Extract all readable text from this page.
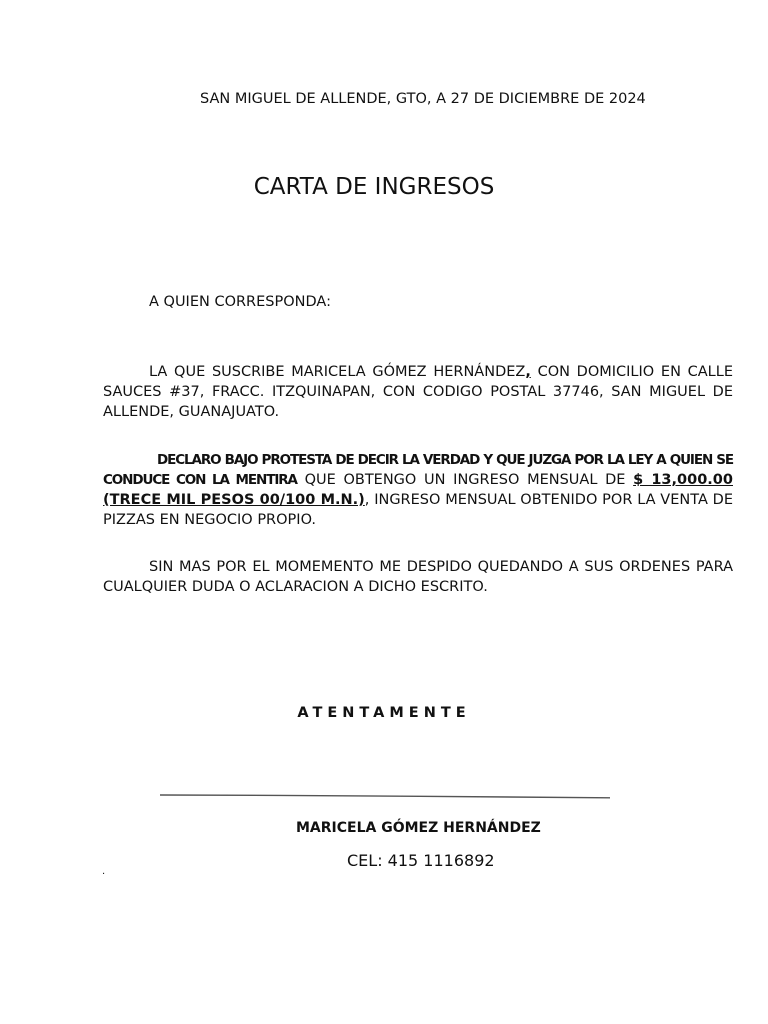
SAN MIGUEL DE ALLENDE, GTO, A 27 DE DICIEMBRE DE 2024
CARTA DE INGRESOS
A QUIEN CORRESPONDA:
LA QUE SUSCRIBE MARICELA GÓMEZ HERNÁNDEZ, CON DOMICILIO EN CALLE SAUCES #37, FRACC. ITZQUINAPAN, CON CODIGO POSTAL 37746, SAN MIGUEL DE ALLENDE, GUANAJUATO.
DECLARO BAJO PROTESTA DE DECIR LA VERDAD Y QUE JUZGA POR LA LEY A QUIEN SE CONDUCE CON LA MENTIRA QUE OBTENGO UN INGRESO MENSUAL DE $ 13,000.00 (TRECE MIL PESOS 00/100 M.N.), INGRESO MENSUAL OBTENIDO POR LA VENTA DE PIZZAS EN NEGOCIO PROPIO.
SIN MAS POR EL MOMEMENTO ME DESPIDO QUEDANDO A SUS ORDENES PARA CUALQUIER DUDA O ACLARACION A DICHO ESCRITO.
ATENTAMENTE
MARICELA GÓMEZ HERNÁNDEZ
CEL: 415 1116892
.
